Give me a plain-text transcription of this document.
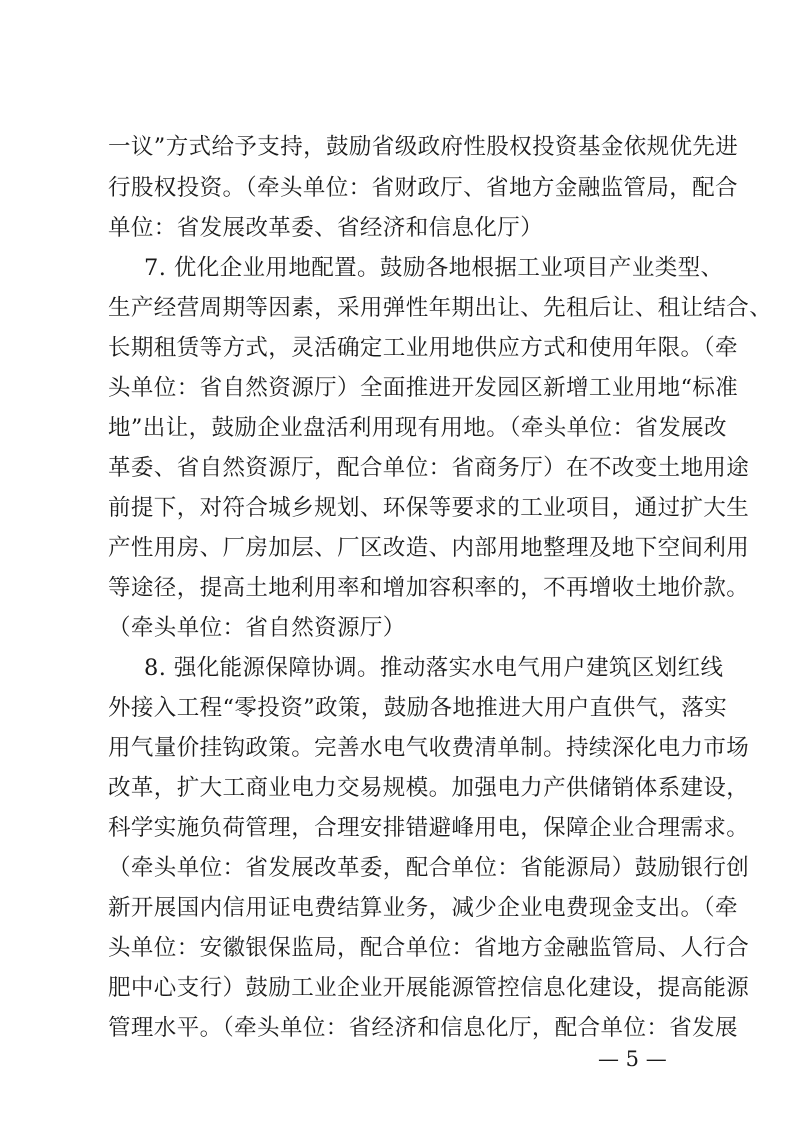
一议”方式给予支持，鼓励省级政府性股权投资基金依规优先进
行股权投资。（牵头单位：省财政厅、省地方金融监管局，配合
单位：省发展改革委、省经济和信息化厅）
7. 优化企业用地配置。鼓励各地根据工业项目产业类型、
生产经营周期等因素，采用弹性年期出让、先租后让、租让结合、
长期租赁等方式，灵活确定工业用地供应方式和使用年限。（牵
头单位：省自然资源厅）全面推进开发园区新增工业用地“标准
地”出让，鼓励企业盘活利用现有用地。（牵头单位：省发展改
革委、省自然资源厅，配合单位：省商务厅）在不改变土地用途
前提下，对符合城乡规划、环保等要求的工业项目，通过扩大生
产性用房、厂房加层、厂区改造、内部用地整理及地下空间利用
等途径，提高土地利用率和增加容积率的，不再增收土地价款。
（牵头单位：省自然资源厅）
8. 强化能源保障协调。推动落实水电气用户建筑区划红线
外接入工程“零投资”政策，鼓励各地推进大用户直供气，落实
用气量价挂钩政策。完善水电气收费清单制。持续深化电力市场
改革，扩大工商业电力交易规模。加强电力产供储销体系建设，
科学实施负荷管理，合理安排错避峰用电，保障企业合理需求。
（牵头单位：省发展改革委，配合单位：省能源局）鼓励银行创
新开展国内信用证电费结算业务，减少企业电费现金支出。（牵
头单位：安徽银保监局，配合单位：省地方金融监管局、人行合
肥中心支行）鼓励工业企业开展能源管控信息化建设，提高能源
管理水平。（牵头单位：省经济和信息化厅，配合单位：省发展
— 5 —
